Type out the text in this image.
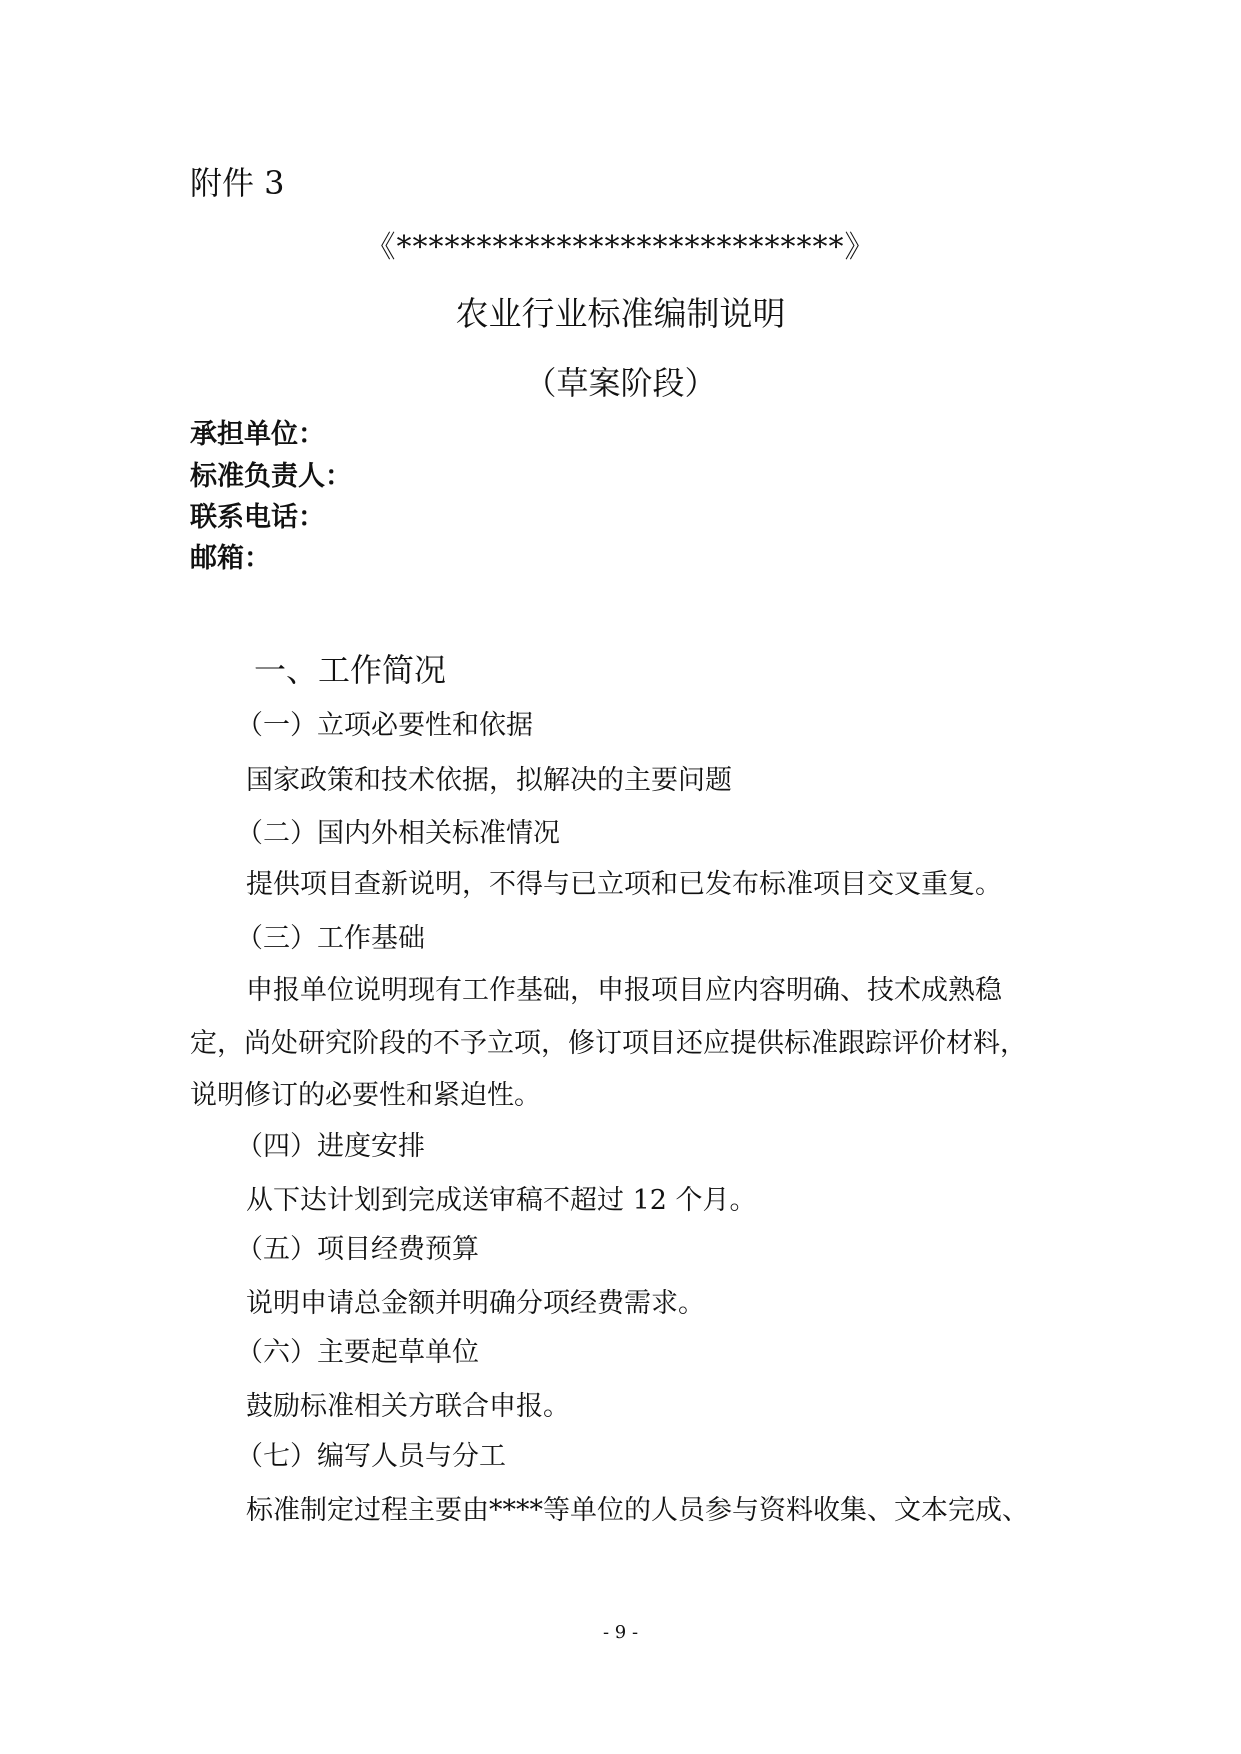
附件 3
《****************************》
农业行业标准编制说明
（草案阶段）
承担单位：
标准负责人：
联系电话：
邮箱：
一、工作简况
（一）立项必要性和依据
国家政策和技术依据，拟解决的主要问题
（二）国内外相关标准情况
提供项目查新说明，不得与已立项和已发布标准项目交叉重复。
（三）工作基础
申报单位说明现有工作基础，申报项目应内容明确、技术成熟稳
定，尚处研究阶段的不予立项，修订项目还应提供标准跟踪评价材料，
说明修订的必要性和紧迫性。
（四）进度安排
从下达计划到完成送审稿不超过 12 个月。
（五）项目经费预算
说明申请总金额并明确分项经费需求。
（六）主要起草单位
鼓励标准相关方联合申报。
（七）编写人员与分工
标准制定过程主要由****等单位的人员参与资料收集、文本完成、
- 9 -
